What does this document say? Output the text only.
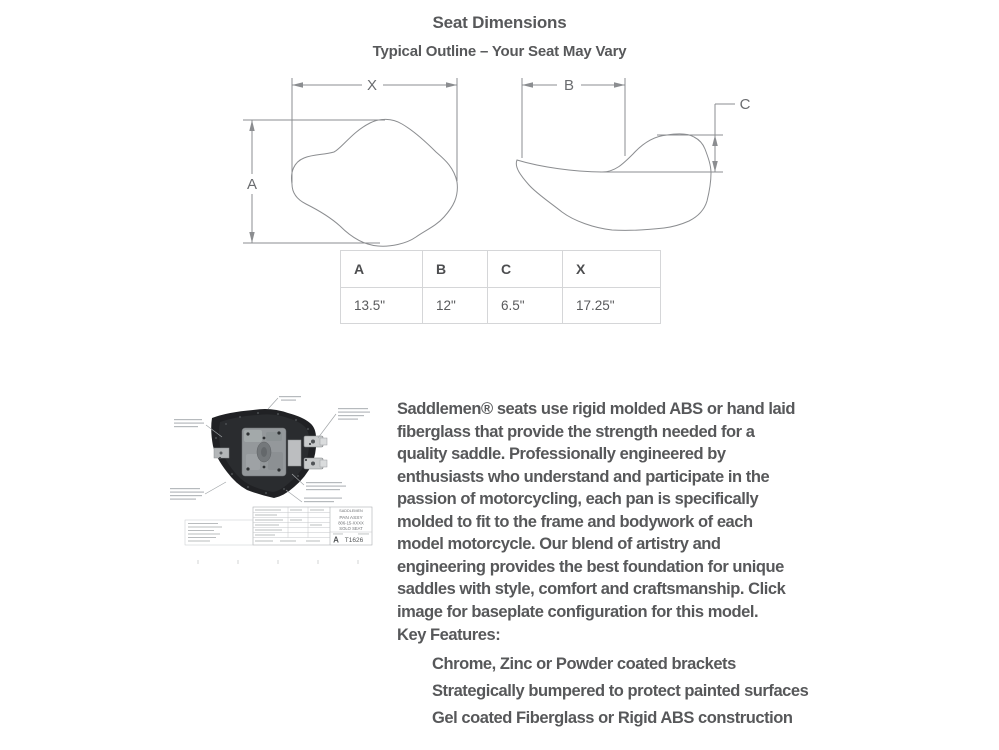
Seat Dimensions
Typical Outline – Your Seat May Vary
X
A
B
C
A	B	C	X
13.5"	12"	6.5"	17.25"
SADDLEMEN
PAN ASSY
806-15-XXXX
SOLO SEAT
A T1626
Saddlemen® seats use rigid molded ABS or hand laid fiberglass that provide the strength needed for a quality saddle. Professionally engineered by enthusiasts who understand and participate in the passion of motorcycling, each pan is specifically molded to fit to the frame and bodywork of each model motorcycle. Our blend of artistry and engineering provides the best foundation for unique saddles with style, comfort and craftsmanship. Click image for baseplate configuration for this model.
Key Features:
Chrome, Zinc or Powder coated brackets
Strategically bumpered to protect painted surfaces
Gel coated Fiberglass or Rigid ABS construction
